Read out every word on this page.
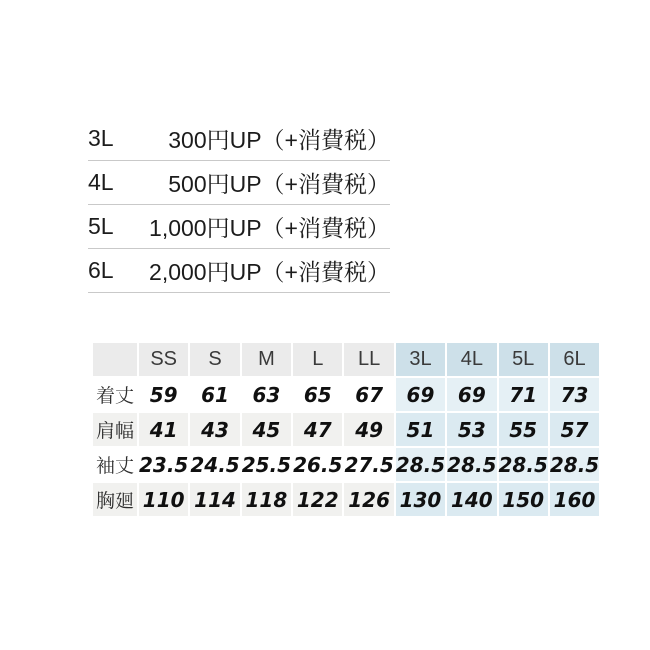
3L	300円UP（+消費税）
4L	500円UP（+消費税）
5L	1,000円UP（+消費税）
6L	2,000円UP（+消費税）
	SS	S	M	L	LL	3L	4L	5L	6L
着丈	59	61	63	65	67	69	69	71	73
肩幅	41	43	45	47	49	51	53	55	57
袖丈	23.5	24.5	25.5	26.5	27.5	28.5	28.5	28.5	28.5
胸廻	110	114	118	122	126	130	140	150	160
